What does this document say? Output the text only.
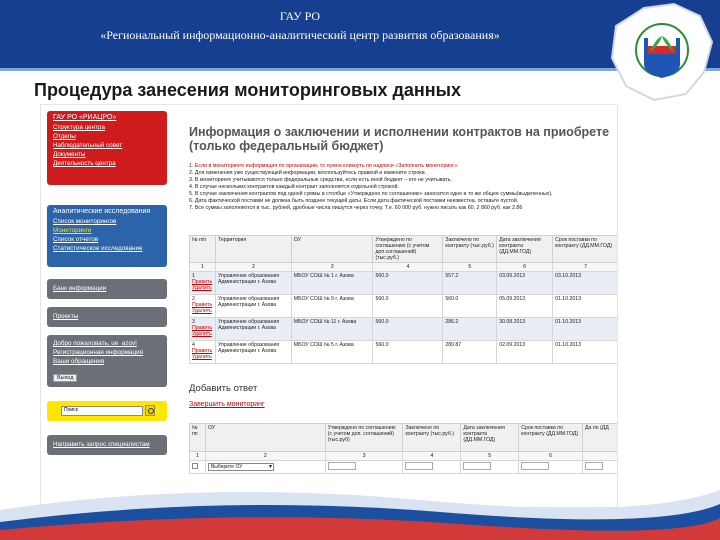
ГАУ РО
«Региональный информационно-аналитический центр развития образования»
Процедура занесения мониторинговых данных
ГАУ РО «РИАЦРО»
Структура центра
Отделы
Наблюдательный совет
Документы
Деятельность центра
Аналитические исследования
Список мониторингов
Мониторинги
Список отчетов
Статистическое исследование
Банк информации
Проекты
Добро пожаловать, ue_azov!
Регистрационная информация
Ваши обращения
Выход
Поиск
Направить запрос специалистам
Информация о заключении и исполнении контрактов на приобрете
(только федеральный бюджет)
1. Если в мониторинге информация по организации, то нужно кликнуть по надписи «Заполнить мониторинг».
2. Для изменения уже существующей информации, воспользуйтесь правкой и измените строки.
3. В мониторинге учитываются только федеральные средства, если есть иной бюджет – его не учитывать.
4. В случае нескольких контрактов каждый контракт заполняется отдельной строкой.
5. В случае заключения контрактов под одной суммы в столбце «Утверждено по соглашению» заносится одно и то же общее суммы(выделенных).
6. Дата фактической поставки не должна быть позднее текущей даты. Если дата фактической поставки неизвестна, оставьте пустой.
7. Все суммы заполняются в тыс. рублей, дробные числа пишутся через точку. Т.е. 60 000 руб. нужно писать как 60, 2 860 руб. как 2.86
№ п/п	Территория	ОУ	Утверждено по соглашению (с учетом доп.соглашений) (тыс.руб.)	Заключено по контракту (тыс.руб.)	Дата заключения контракта (ДД.ММ.ГОД)	Срок поставки по контракту (ДД.ММ.ГОД)
1	2	3	4	5	6	7
1
Править
Удалить	Управление образования Администрации г. Азова	МБОУ СОШ № 1 г. Азова	560.0	557.2	03.09.2013	03.10.2013
2
Править
Удалить	Управление образования Администрации г. Азова	МБОУ СОШ № 9 г. Азова	560.0	560.0	05.09.2013	01.10.2013
3
Править
Удалить	Управление образования Администрации г. Азова	МБОУ СОШ № 11 г. Азова	560.0	286.2	30.08.2013	01.10.2013
4
Править
Удалить	Управление образования Администрации г. Азова	МБОУ СОШ № 5 г. Азова	560.0	280.87	02.09.2013	01.10.2013
Добавить ответ
Завершить мониторинг
№ пп	ОУ	Утверждено по соглашению (с учетом доп. соглашений) (тыс.руб)	Заключено по контракту (тыс.руб.)	Дата заключения контракта (ДД.ММ.ГОД)	Срок поставки по контракту (ДД.ММ.ГОД)	Да по (ДД
1	2	3	4	5	6	
	Выберите ОУ ▾					
